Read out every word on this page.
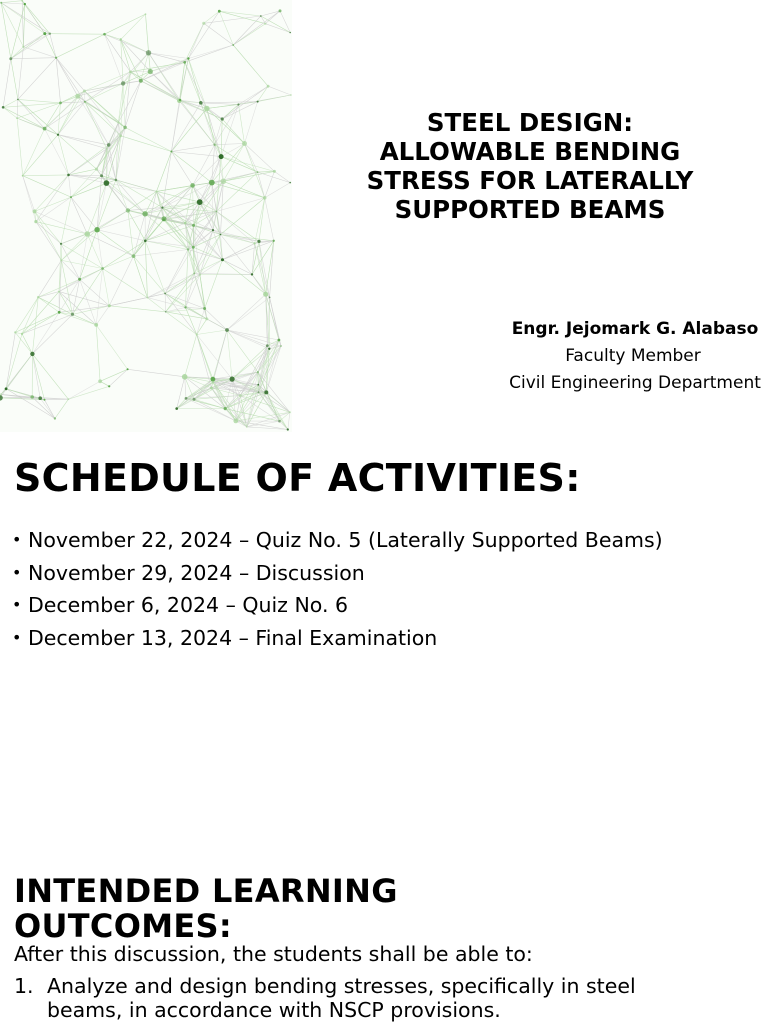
STEEL DESIGN:
ALLOWABLE BENDING
STRESS FOR LATERALLY
SUPPORTED BEAMS
Engr. Jejomark G. Alabaso
Faculty Member
Civil Engineering Department
SCHEDULE OF ACTIVITIES:
• November 22, 2024 – Quiz No. 5 (Laterally Supported Beams)
• November 29, 2024 – Discussion
• December 6, 2024 – Quiz No. 6
• December 13, 2024 – Final Examination
INTENDED LEARNING OUTCOMES:

After this discussion, the students shall be able to:

1. Analyze and design bending stresses, specifically in steel beams, in accordance with NSCP provisions.
